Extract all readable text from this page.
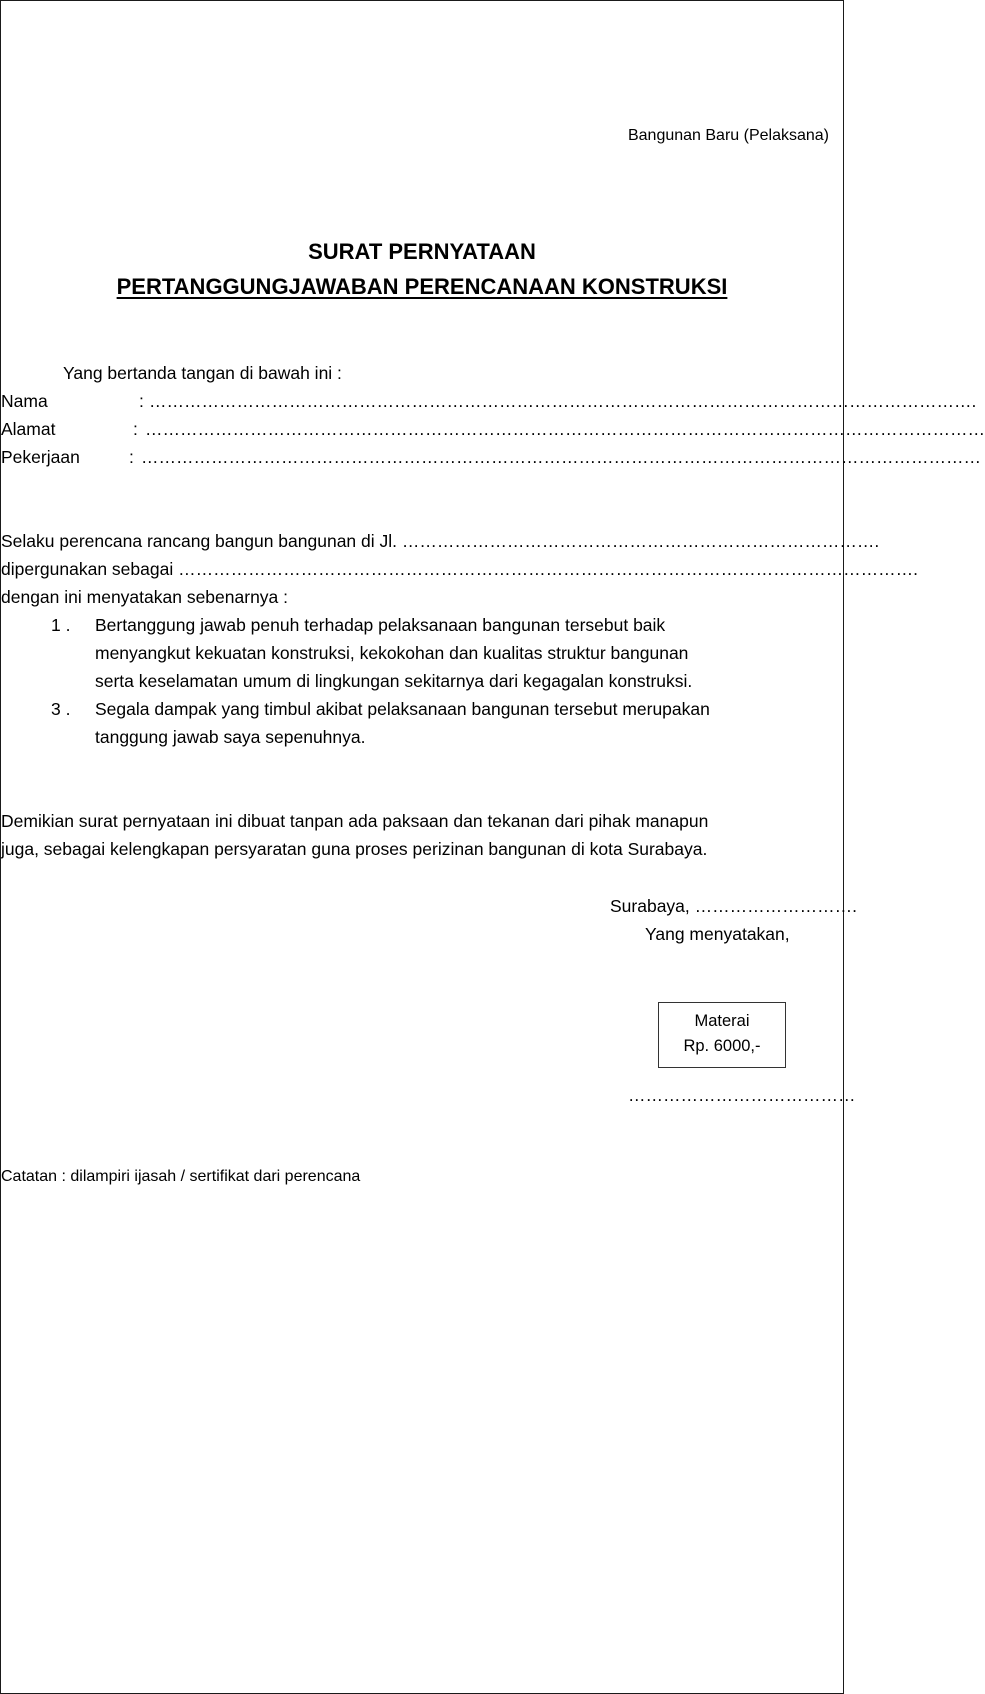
Bangunan Baru (Pelaksana)
SURAT PERNYATAAN
PERTANGGUNGJAWABAN PERENCANAAN KONSTRUKSI
Yang bertanda tangan di bawah ini :
Nama	: …………………………………………………………………………………………………………………………….
Alamat	: ………………………………………………………………………………………………………………………………
Pekerjaan	: ………………………………………………………………………………………………………………………………
Selaku perencana rancang bangun bangunan di Jl. ……………………………………………………………………….
dipergunakan sebagai ……………………………………………………………………………………………………………….
dengan ini menyatakan sebenarnya :
1 . Bertanggung jawab penuh terhadap pelaksanaan bangunan tersebut baik
menyangkut kekuatan konstruksi, kekokohan dan kualitas struktur bangunan
serta keselamatan umum di lingkungan sekitarnya dari kegagalan konstruksi.
3 . Segala dampak yang timbul akibat pelaksanaan bangunan tersebut merupakan
tanggung jawab saya sepenuhnya.
Demikian surat pernyataan ini dibuat tanpan ada paksaan dan tekanan dari pihak manapun
juga, sebagai kelengkapan persyaratan guna proses perizinan bangunan di kota Surabaya.
Surabaya, ……………………….
Yang menyatakan,
Materai
Rp. 6000,-
…………………………………
Catatan : dilampiri ijasah / sertifikat dari perencana
